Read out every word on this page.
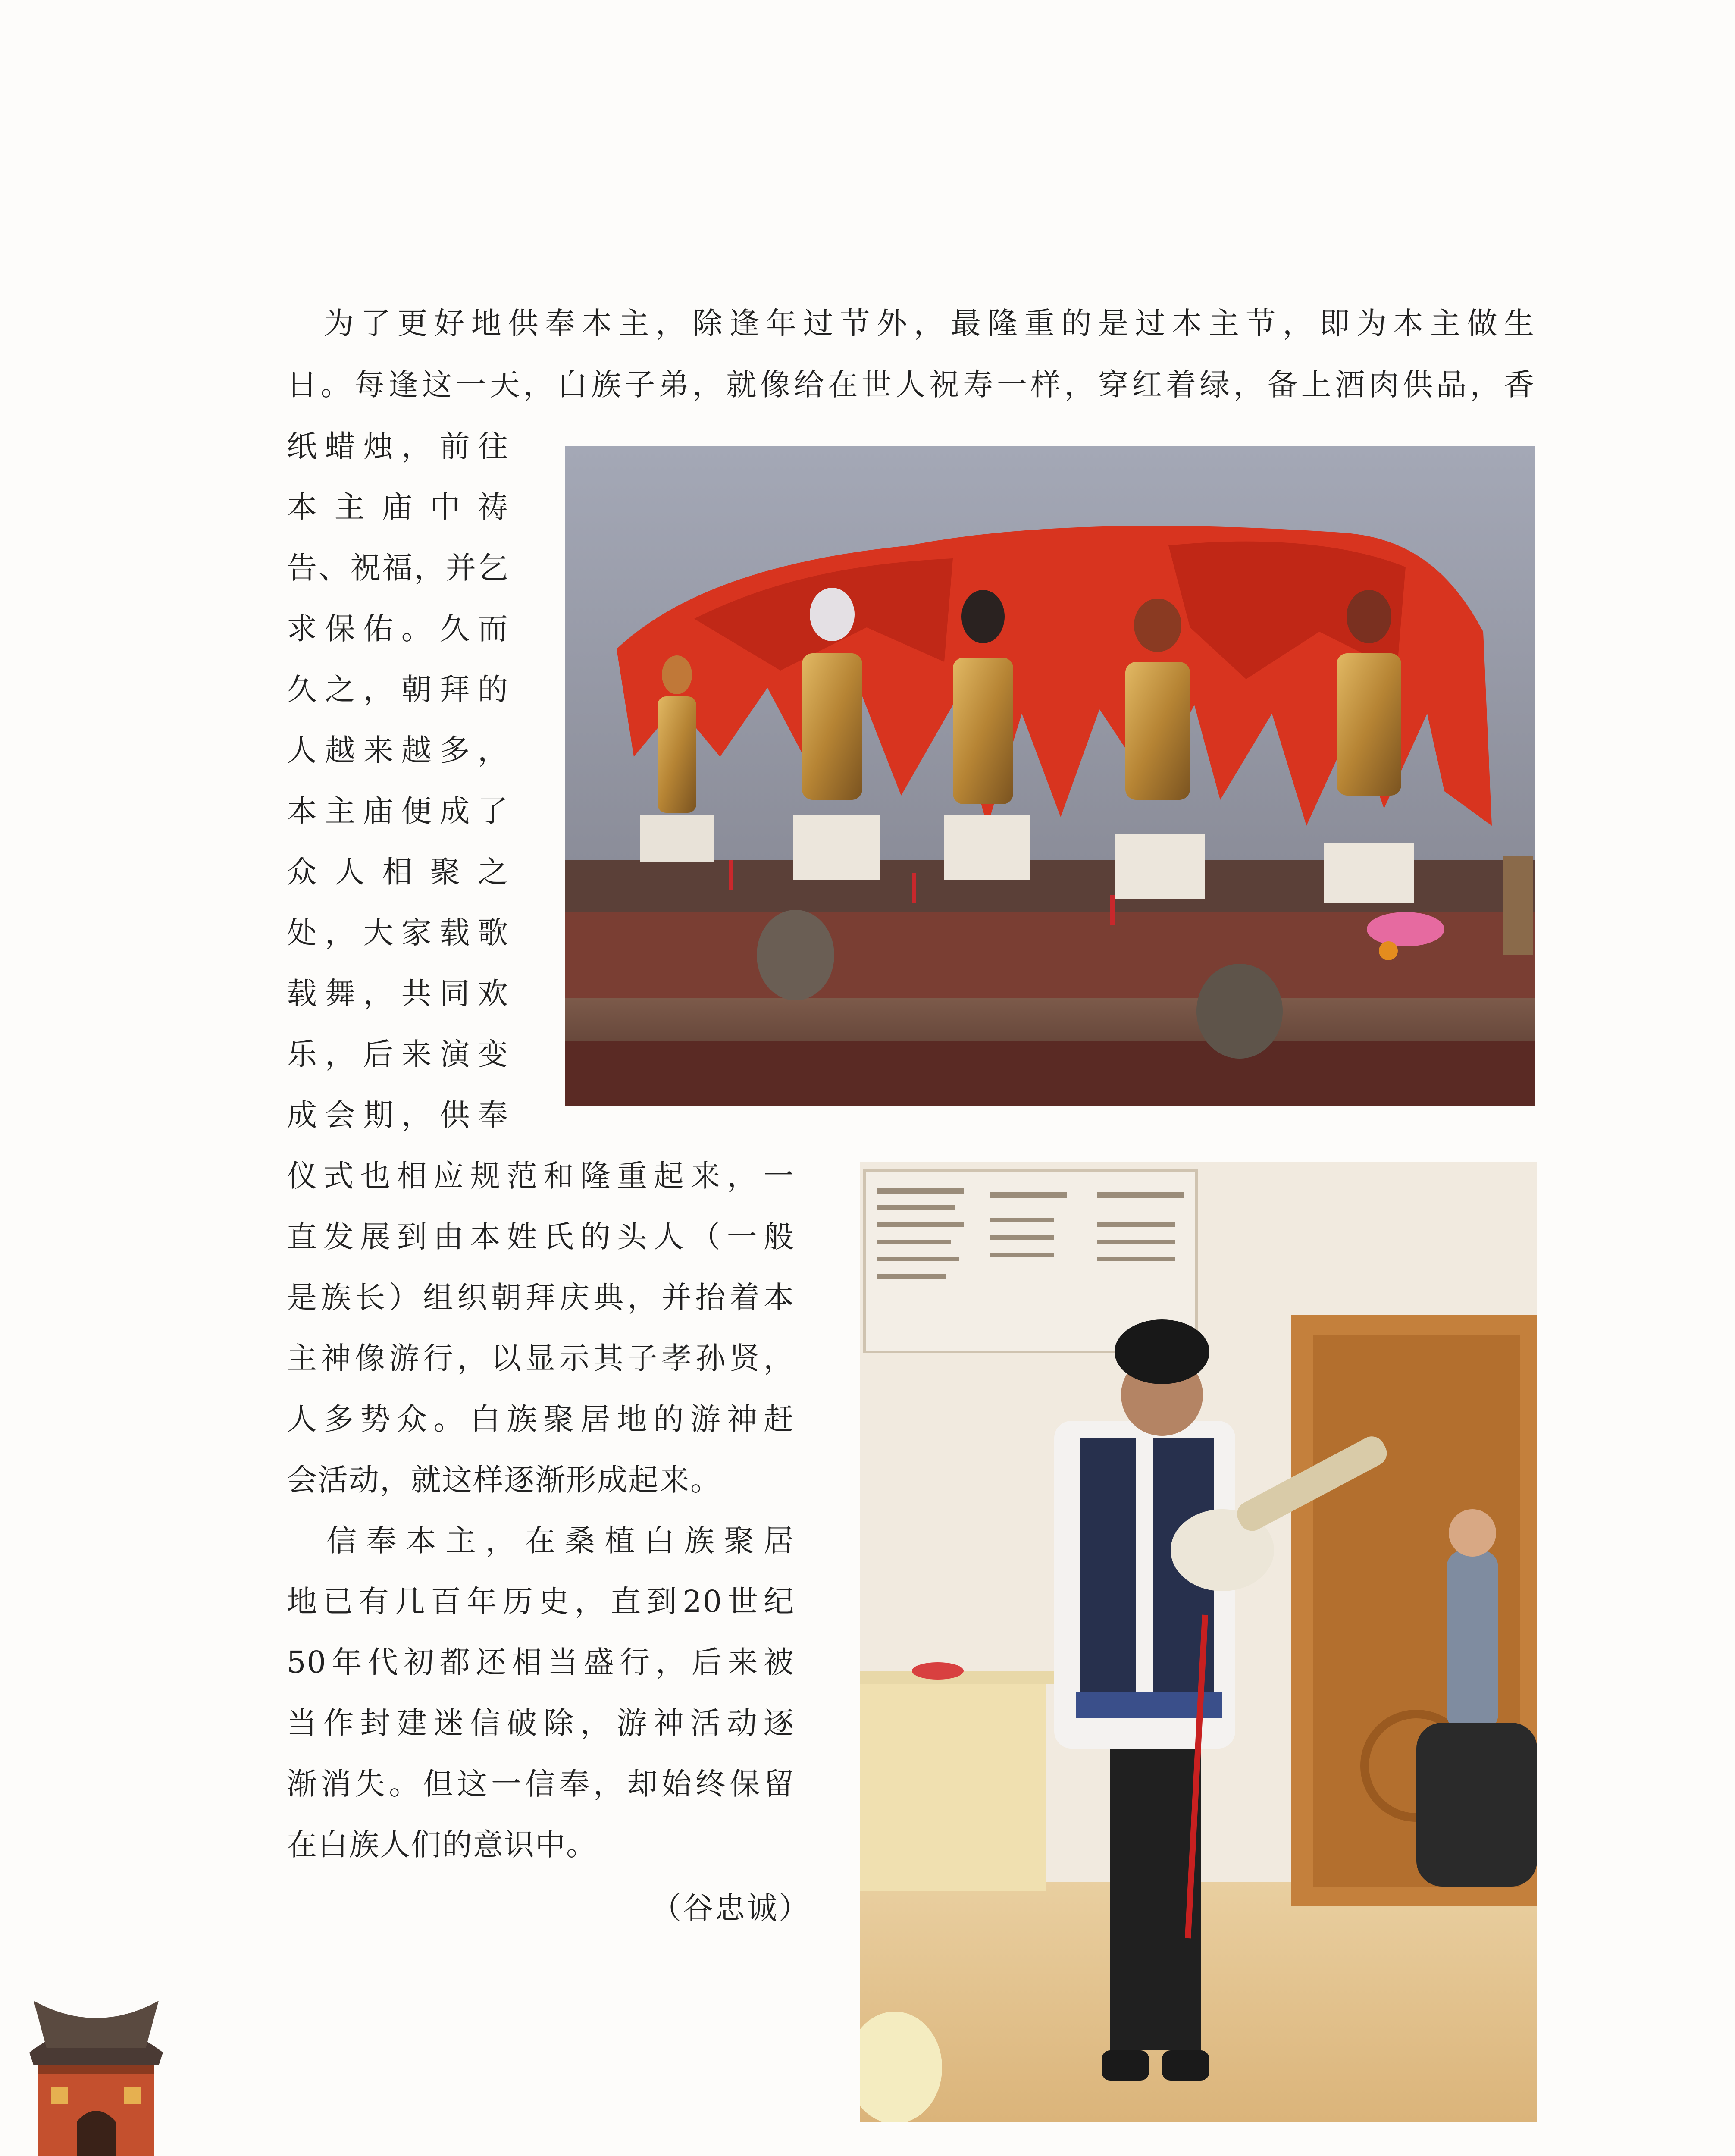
　为了更好地供奉本主，除逢年过节外，最隆重的是过本主节，即为本主做生
日。每逢这一天，白族子弟，就像给在世人祝寿一样，穿红着绿，备上酒肉供品，香
纸蜡烛，前往
本主庙中祷
告、祝福，并乞
求保佑。久而
久之，朝拜的
人越来越多，
本主庙便成了
众人相聚之
处，大家载歌
载舞，共同欢
乐，后来演变
成会期，供奉
仪式也相应规范和隆重起来，一
直发展到由本姓氏的头人（一般
是族长）组织朝拜庆典，并抬着本
主神像游行，以显示其子孝孙贤，
人多势众。白族聚居地的游神赶
会活动，就这样逐渐形成起来。
　信奉本主，在桑植白族聚居
地已有几百年历史，直到20世纪
50年代初都还相当盛行，后来被
当作封建迷信破除，游神活动逐
渐消失。但这一信奉，却始终保留
在白族人们的意识中。
（谷忠诚）
